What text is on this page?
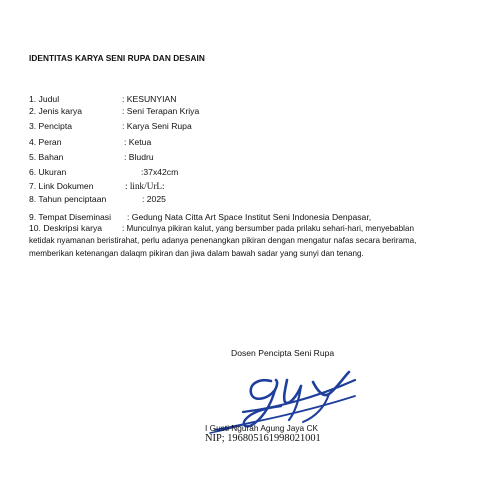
IDENTITAS KARYA SENI RUPA DAN DESAIN
1. Judul	: KESUNYIAN
2. Jenis karya	: Seni Terapan Kriya
3. Pencipta	: Karya Seni Rupa
4. Peran	: Ketua
5. Bahan	: Bludru
6. Ukuran	:37x42cm
7. Link Dokumen	: link/UrL:
8. Tahun penciptaan	: 2025
9. Tempat Diseminasi : Gedung Nata Citta Art Space Institut Seni Indonesia Denpasar,
10. Deskripsi karya : Munculnya pikiran kalut, yang bersumber pada prilaku sehari-hari, menyebablan
ketidak nyamanan beristirahat, perlu adanya penenangkan pikiran dengan mengatur nafas secara berirama,
memberikan ketenangan dalaqm pikiran dan jiwa dalam bawah sadar yang sunyi dan tenang.
Dosen Pencipta Seni Rupa
I Gusti Ngurah Agung Jaya CK
NIP; 196805161998021001
